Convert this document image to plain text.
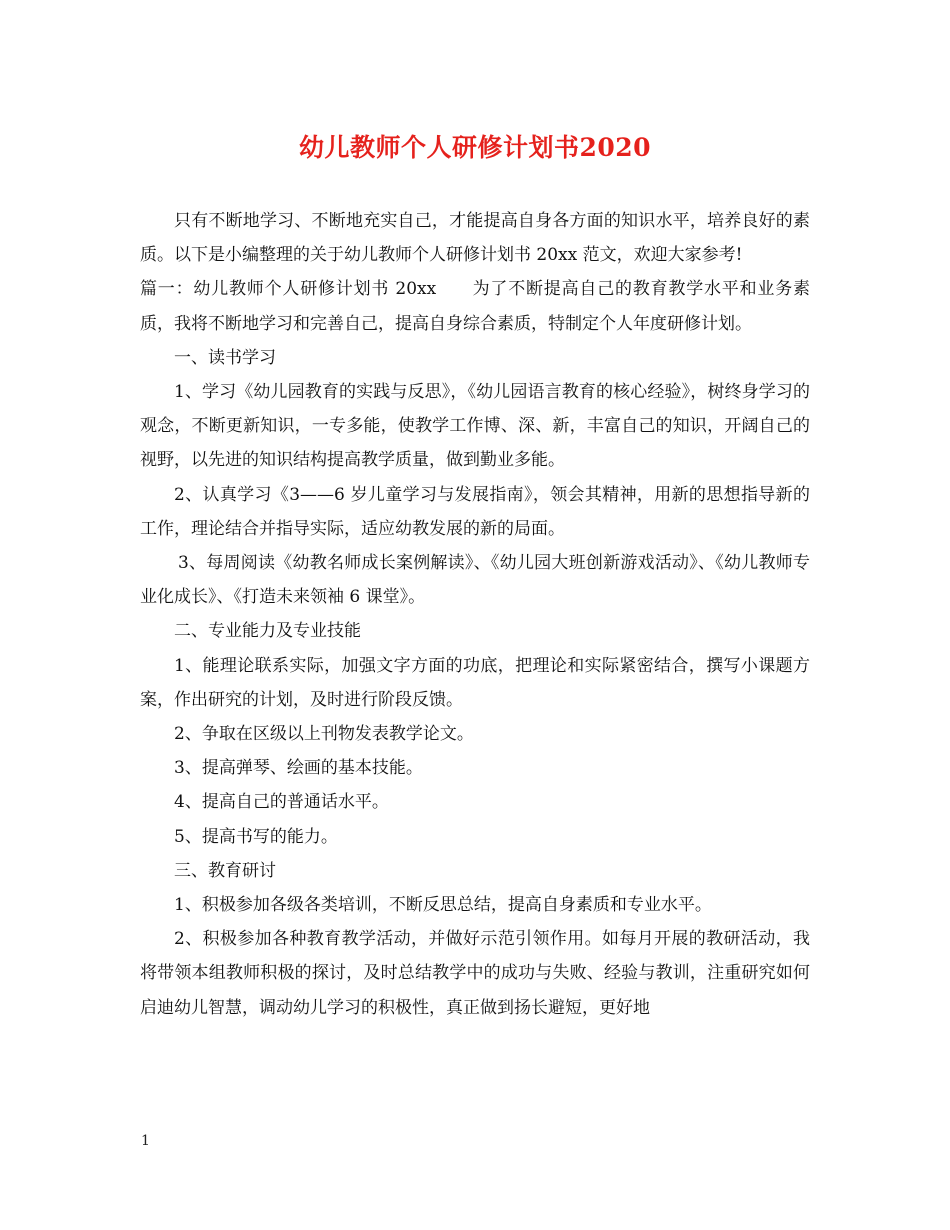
幼儿教师个人研修计划书2020

只有不断地学习、不断地充实自己，才能提高自身各方面的知识水平，培养良好的素质。以下是小编整理的关于幼儿教师个人研修计划书 20xx 范文，欢迎大家参考!

篇一：幼儿教师个人研修计划书 20xx　　为了不断提高自己的教育教学水平和业务素质，我将不断地学习和完善自己，提高自身综合素质，特制定个人年度研修计划。

一、读书学习

1、学习《幼儿园教育的实践与反思》，《幼儿园语言教育的核心经验》，树终身学习的观念，不断更新知识，一专多能，使教学工作博、深、新，丰富自己的知识，开阔自己的视野，以先进的知识结构提高教学质量，做到勤业多能。

2、认真学习《3——6 岁儿童学习与发展指南》，领会其精神，用新的思想指导新的工作，理论结合并指导实际，适应幼教发展的新的局面。

3、每周阅读《幼教名师成长案例解读》、《幼儿园大班创新游戏活动》、《幼儿教师专业化成长》、《打造未来领袖 6 课堂》。

二、专业能力及专业技能

1、能理论联系实际，加强文字方面的功底，把理论和实际紧密结合，撰写小课题方案，作出研究的计划，及时进行阶段反馈。

2、争取在区级以上刊物发表教学论文。

3、提高弹琴、绘画的基本技能。

4、提高自己的普通话水平。

5、提高书写的能力。

三、教育研讨

1、积极参加各级各类培训，不断反思总结，提高自身素质和专业水平。

2、积极参加各种教育教学活动，并做好示范引领作用。如每月开展的教研活动，我将带领本组教师积极的探讨，及时总结教学中的成功与失败、经验与教训，注重研究如何启迪幼儿智慧，调动幼儿学习的积极性，真正做到扬长避短，更好地

1
